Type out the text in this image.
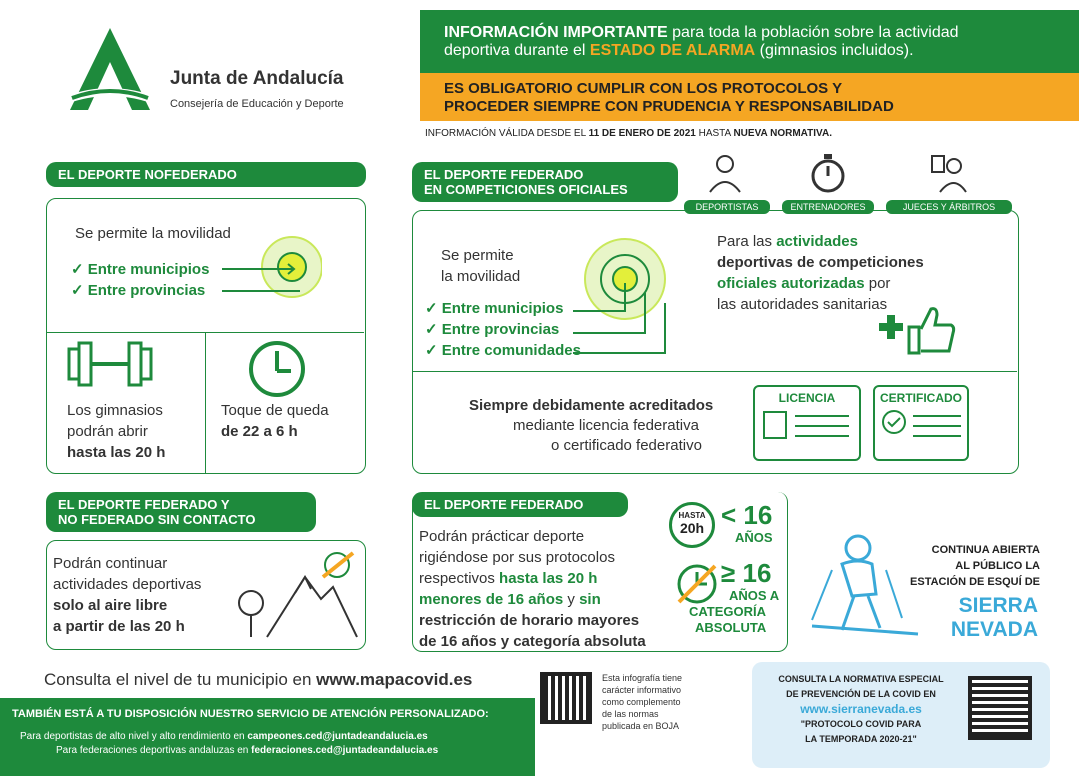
Junta de Andalucía
Consejería de Educación y Deporte
INFORMACIÓN IMPORTANTE para toda la población sobre la actividad
deportiva durante el ESTADO DE ALARMA (gimnasios incluidos).
ES OBLIGATORIO CUMPLIR CON LOS PROTOCOLOS Y
PROCEDER SIEMPRE CON PRUDENCIA Y RESPONSABILIDAD
INFORMACIÓN VÁLIDA DESDE EL 11 DE ENERO DE 2021 HASTA NUEVA NORMATIVA.
EL DEPORTE NOFEDERADO
Se permite la movilidad
✓ Entre municipios
✓ Entre provincias
Los gimnasios
podrán abrir
hasta las 20 h
Toque de queda
de 22 a 6 h
EL DEPORTE FEDERADO
EN COMPETICIONES OFICIALES
Se permite
la movilidad
✓ Entre municipios
✓ Entre provincias
✓ Entre comunidades
Para las actividades
deportivas de competiciones
oficiales autorizadas por
las autoridades sanitarias
Siempre debidamente acreditados
mediante licencia federativa
o certificado federativo
LICENCIA	CERTIFICADO
DEPORTISTAS	ENTRENADORES	JUECES Y ÁRBITROS
EL DEPORTE FEDERADO Y
NO FEDERADO SIN CONTACTO
Podrán continuar
actividades deportivas
solo al aire libre
a partir de las 20 h
EL DEPORTE FEDERADO
Podrán prácticar deporte
rigiéndose por sus protocolos
respectivos hasta las 20 h
menores de 16 años y sin
restricción de horario mayores
de 16 años y categoría absoluta
HASTA
20h < 16
AÑOS
≥ 16
AÑOS A
CATEGORÍA
ABSOLUTA
CONTINUA ABIERTA
AL PÚBLICO LA
ESTACIÓN DE ESQUÍ DE
SIERRA
NEVADA
Consulta el nivel de tu municipio en www.mapacovid.es	Esta infografía tiene
carácter informativo
como complemento
de las normas
publicada en BOJA
TAMBIÉN ESTÁ A TU DISPOSICIÓN NUESTRO SERVICIO DE ATENCIÓN PERSONALIZADO:
Para deportistas de alto nivel y alto rendimiento en campeones.ced@juntadeandalucia.es
Para federaciones deportivas andaluzas en federaciones.ced@juntadeandalucia.es
CONSULTA LA NORMATIVA ESPECIAL
DE PREVENCIÓN DE LA COVID EN
www.sierranevada.es
"PROTOCOLO COVID PARA
LA TEMPORADA 2020-21"
